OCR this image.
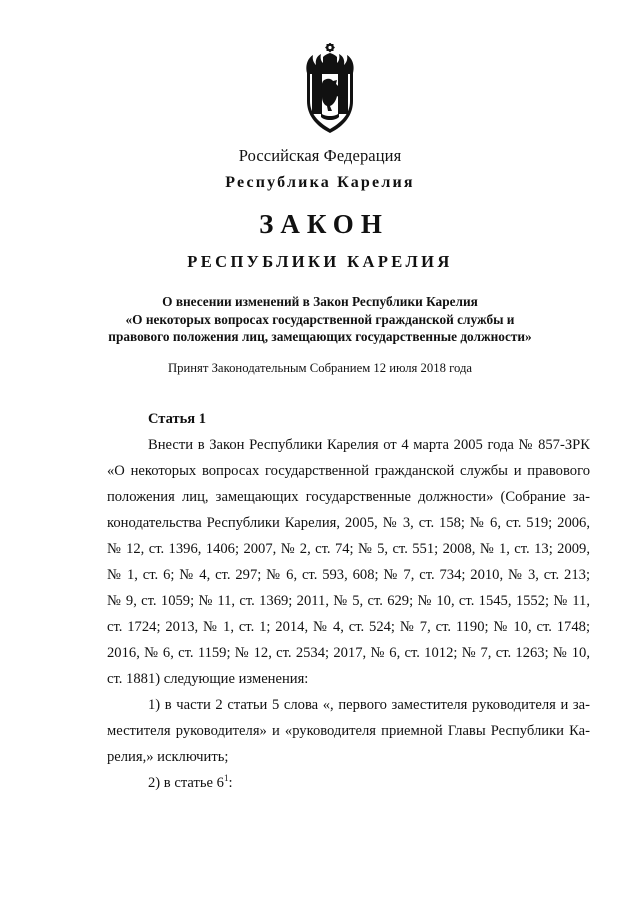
Российская Федерация
Республика Карелия
ЗАКОН
РЕСПУБЛИКИ КАРЕЛИЯ
О внесении изменений в Закон Республики Карелия
«О некоторых вопросах государственной гражданской службы и
правового положения лиц, замещающих государственные должности»
Принят Законодательным Собранием 12 июля 2018 года
Статья 1
Внести в Закон Республики Карелия от 4 марта 2005 года № 857-ЗРК
«О некоторых вопросах государственной гражданской службы и правового
положения лиц, замещающих государственные должности» (Собрание за-
конодательства Республики Карелия, 2005, № 3, ст. 158; № 6, ст. 519; 2006,
№ 12, ст. 1396, 1406; 2007, № 2, ст. 74; № 5, ст. 551; 2008, № 1, ст. 13; 2009,
№ 1, ст. 6; № 4, ст. 297; № 6, ст. 593, 608; № 7, ст. 734; 2010, № 3, ст. 213;
№ 9, ст. 1059; № 11, ст. 1369; 2011, № 5, ст. 629; № 10, ст. 1545, 1552; № 11,
ст. 1724; 2013, № 1, ст. 1; 2014, № 4, ст. 524; № 7, ст. 1190; № 10, ст. 1748;
2016, № 6, ст. 1159; № 12, ст. 2534; 2017, № 6, ст. 1012; № 7, ст. 1263; № 10,
ст. 1881) следующие изменения:
1) в части 2 статьи 5 слова «, первого заместителя руководителя и за-
местителя руководителя» и «руководителя приемной Главы Республики Ка-
релия,» исключить;
2) в статье $6^1$:
